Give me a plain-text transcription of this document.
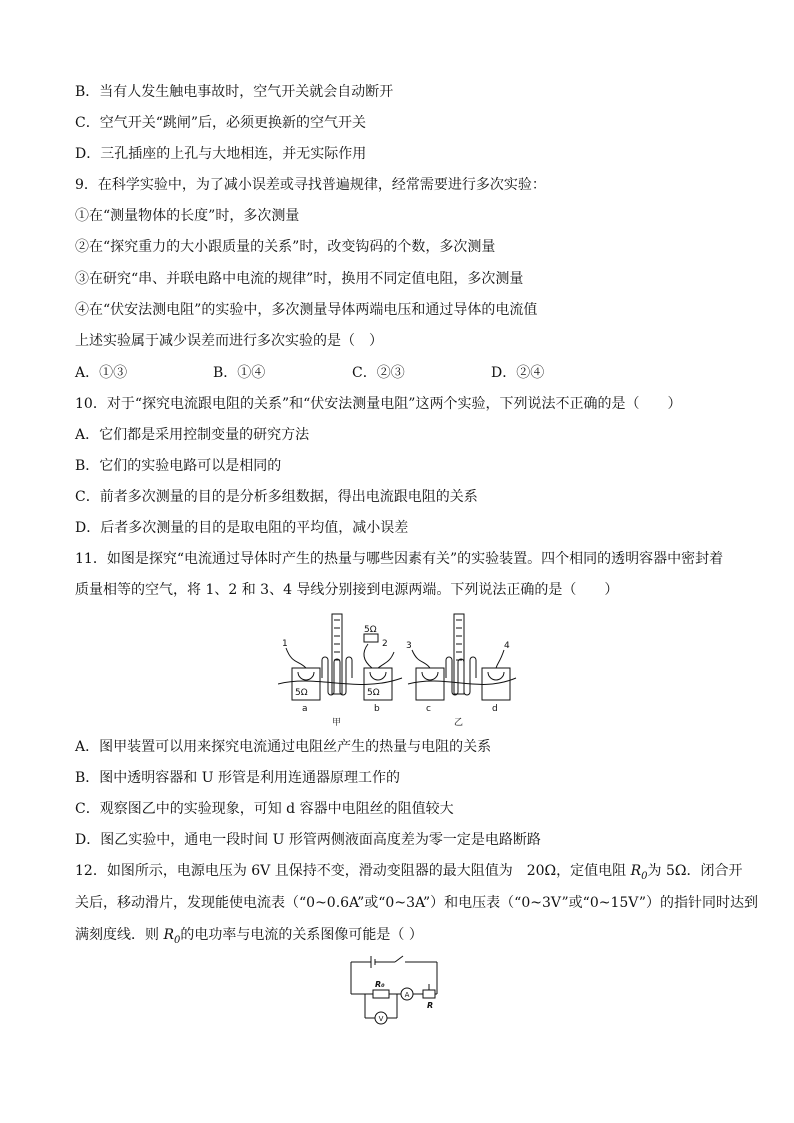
B．当有人发生触电事故时，空气开关就会自动断开
C．空气开关“跳闸”后，必须更换新的空气开关
D．三孔插座的上孔与大地相连，并无实际作用
9．在科学实验中，为了减小误差或寻找普遍规律，经常需要进行多次实验：
①在“测量物体的长度”时，多次测量
②在“探究重力的大小跟质量的关系”时，改变钩码的个数，多次测量
③在研究“串、并联电路中电流的规律”时，换用不同定值电阻，多次测量
④在“伏安法测电阻”的实验中，多次测量导体两端电压和通过导体的电流值
上述实验属于减少误差而进行多次实验的是（　）
A．①③	B．①④	C．②③	D．②④
10．对于“探究电流跟电阻的关系”和“伏安法测量电阻”这两个实验，下列说法不正确的是（　　）
A．它们都是采用控制变量的研究方法
B．它们的实验电路可以是相同的
C．前者多次测量的目的是分析多组数据，得出电流跟电阻的关系
D．后者多次测量的目的是取电阻的平均值，减小误差
11．如图是探究“电流通过导体时产生的热量与哪些因素有关”的实验装置。四个相同的透明容器中密封着
质量相等的空气，将 1、2 和 3、4 导线分别接到电源两端。下列说法正确的是（　　）
1	2 3	4
5Ω
5Ω	5Ω
a	b	c	d
甲	乙
A．图甲装置可以用来探究电流通过电阻丝产生的热量与电阻的关系
B．图中透明容器和 U 形管是利用连通器原理工作的
C．观察图乙中的实验现象，可知 d 容器中电阻丝的阻值较大
D．图乙实验中，通电一段时间 U 形管两侧液面高度差为零一定是电路断路
12．如图所示，电源电压为 6V 且保持不变，滑动变阻器的最大阻值为　20Ω，定值电阻 $R_0$为 5Ω．闭合开
关后，移动滑片，发现能使电流表（“0~0.6A”或“0~3A”）和电压表（“0~3V”或“0~15V”）的指针同时达到
满刻度线．则 $R_0$的电功率与电流的关系图像可能是（ ）
R₀
R
A
V
